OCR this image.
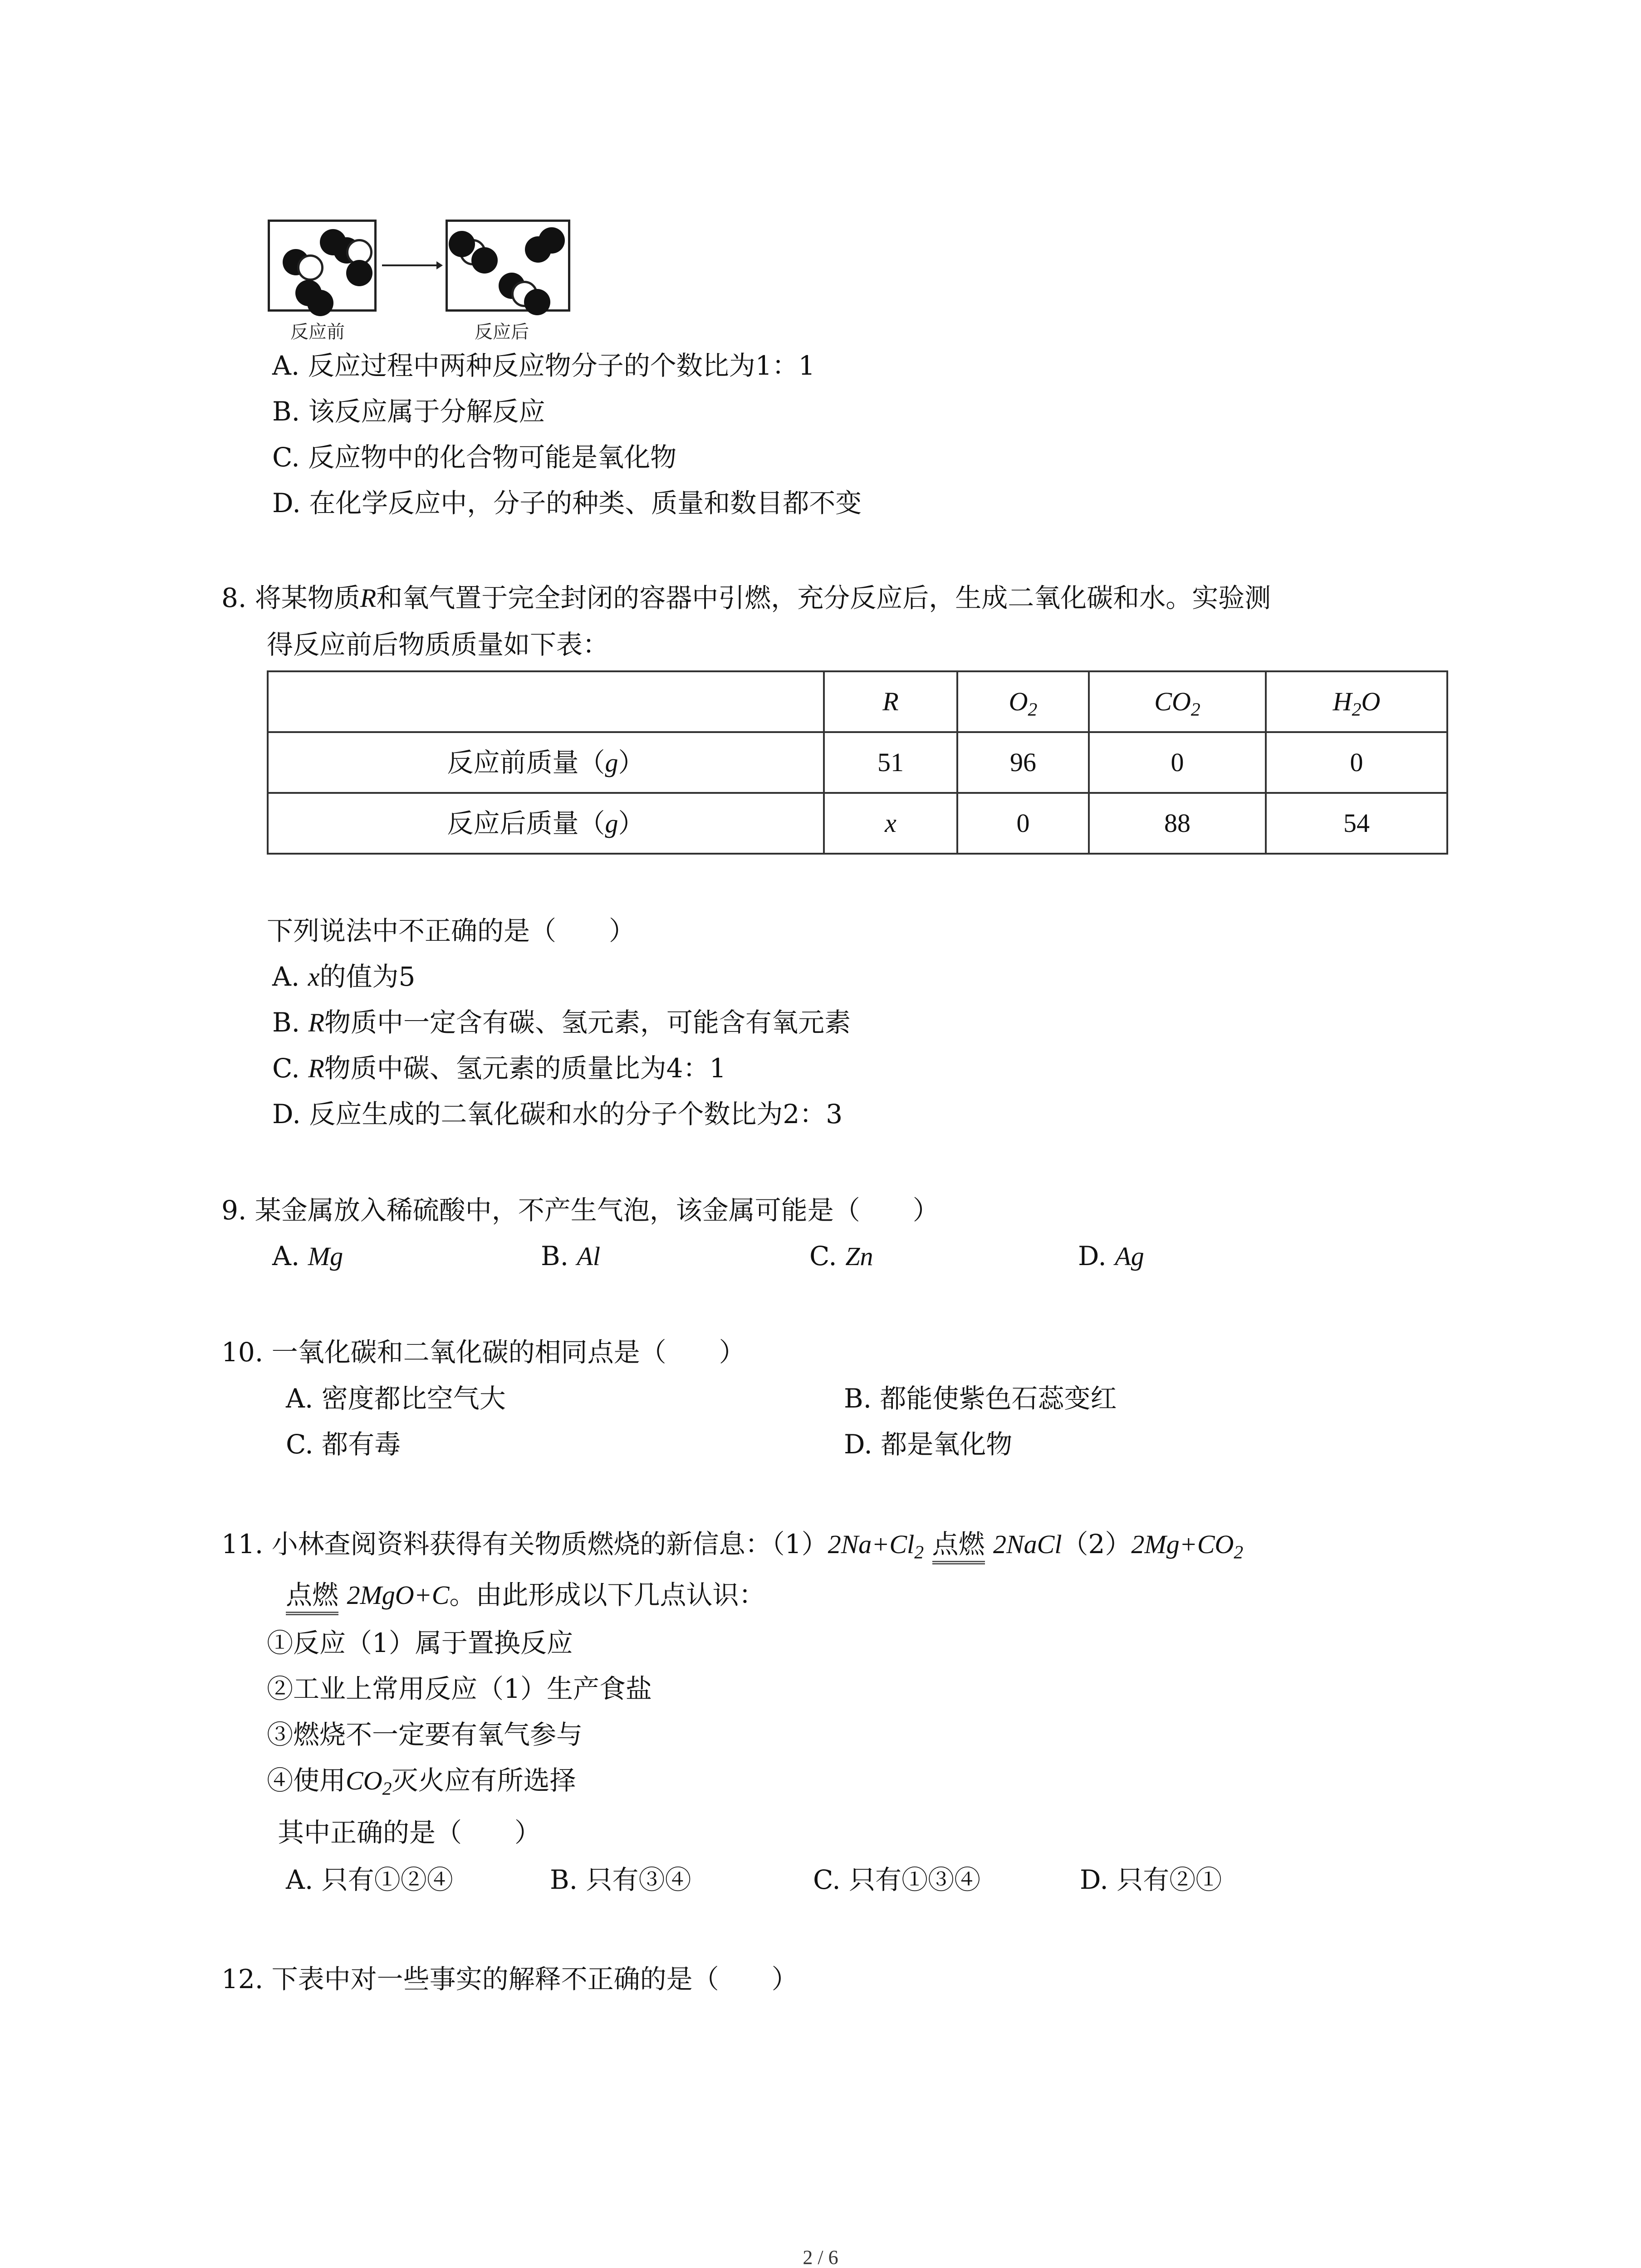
反应前	反应后
A. 反应过程中两种反应物分子的个数比为1：1
B. 该反应属于分解反应
C. 反应物中的化合物可能是氧化物
D. 在化学反应中，分子的种类、质量和数目都不变
8. 将某物质R和氧气置于完全封闭的容器中引燃，充分反应后，生成二氧化碳和水。实验测
得反应前后物质质量如下表：
	R	$O_2$	$CO_2$	$H_2O$
反应前质量（g）	51	96	0	0
反应后质量（g）	x	0	88	54
下列说法中不正确的是（　　）
A. x的值为5
B. R物质中一定含有碳、氢元素，可能含有氧元素
C. R物质中碳、氢元素的质量比为4：1
D. 反应生成的二氧化碳和水的分子个数比为2：3
9. 某金属放入稀硫酸中，不产生气泡，该金属可能是（　　）
A. Mg	B. Al	C. Zn	D. Ag
10. 一氧化碳和二氧化碳的相同点是（　　）
A. 密度都比空气大	B. 都能使紫色石蕊变红
C. 都有毒	D. 都是氧化物
11. 小林查阅资料获得有关物质燃烧的新信息：$(1)2Na+Cl_2$ 点燃 $2NaCl(2)2Mg+CO_2$
点燃 2MgO+C。由此形成以下几点认识：
①反应（1）属于置换反应
②工业上常用反应（1）生产食盐
③燃烧不一定要有氧气参与
④使用$CO_2$灭火应有所选择
其中正确的是（　　）
A. 只有①②④	B. 只有③④	C. 只有①③④	D. 只有②①
12. 下表中对一些事实的解释不正确的是（　　）
2 / 6
